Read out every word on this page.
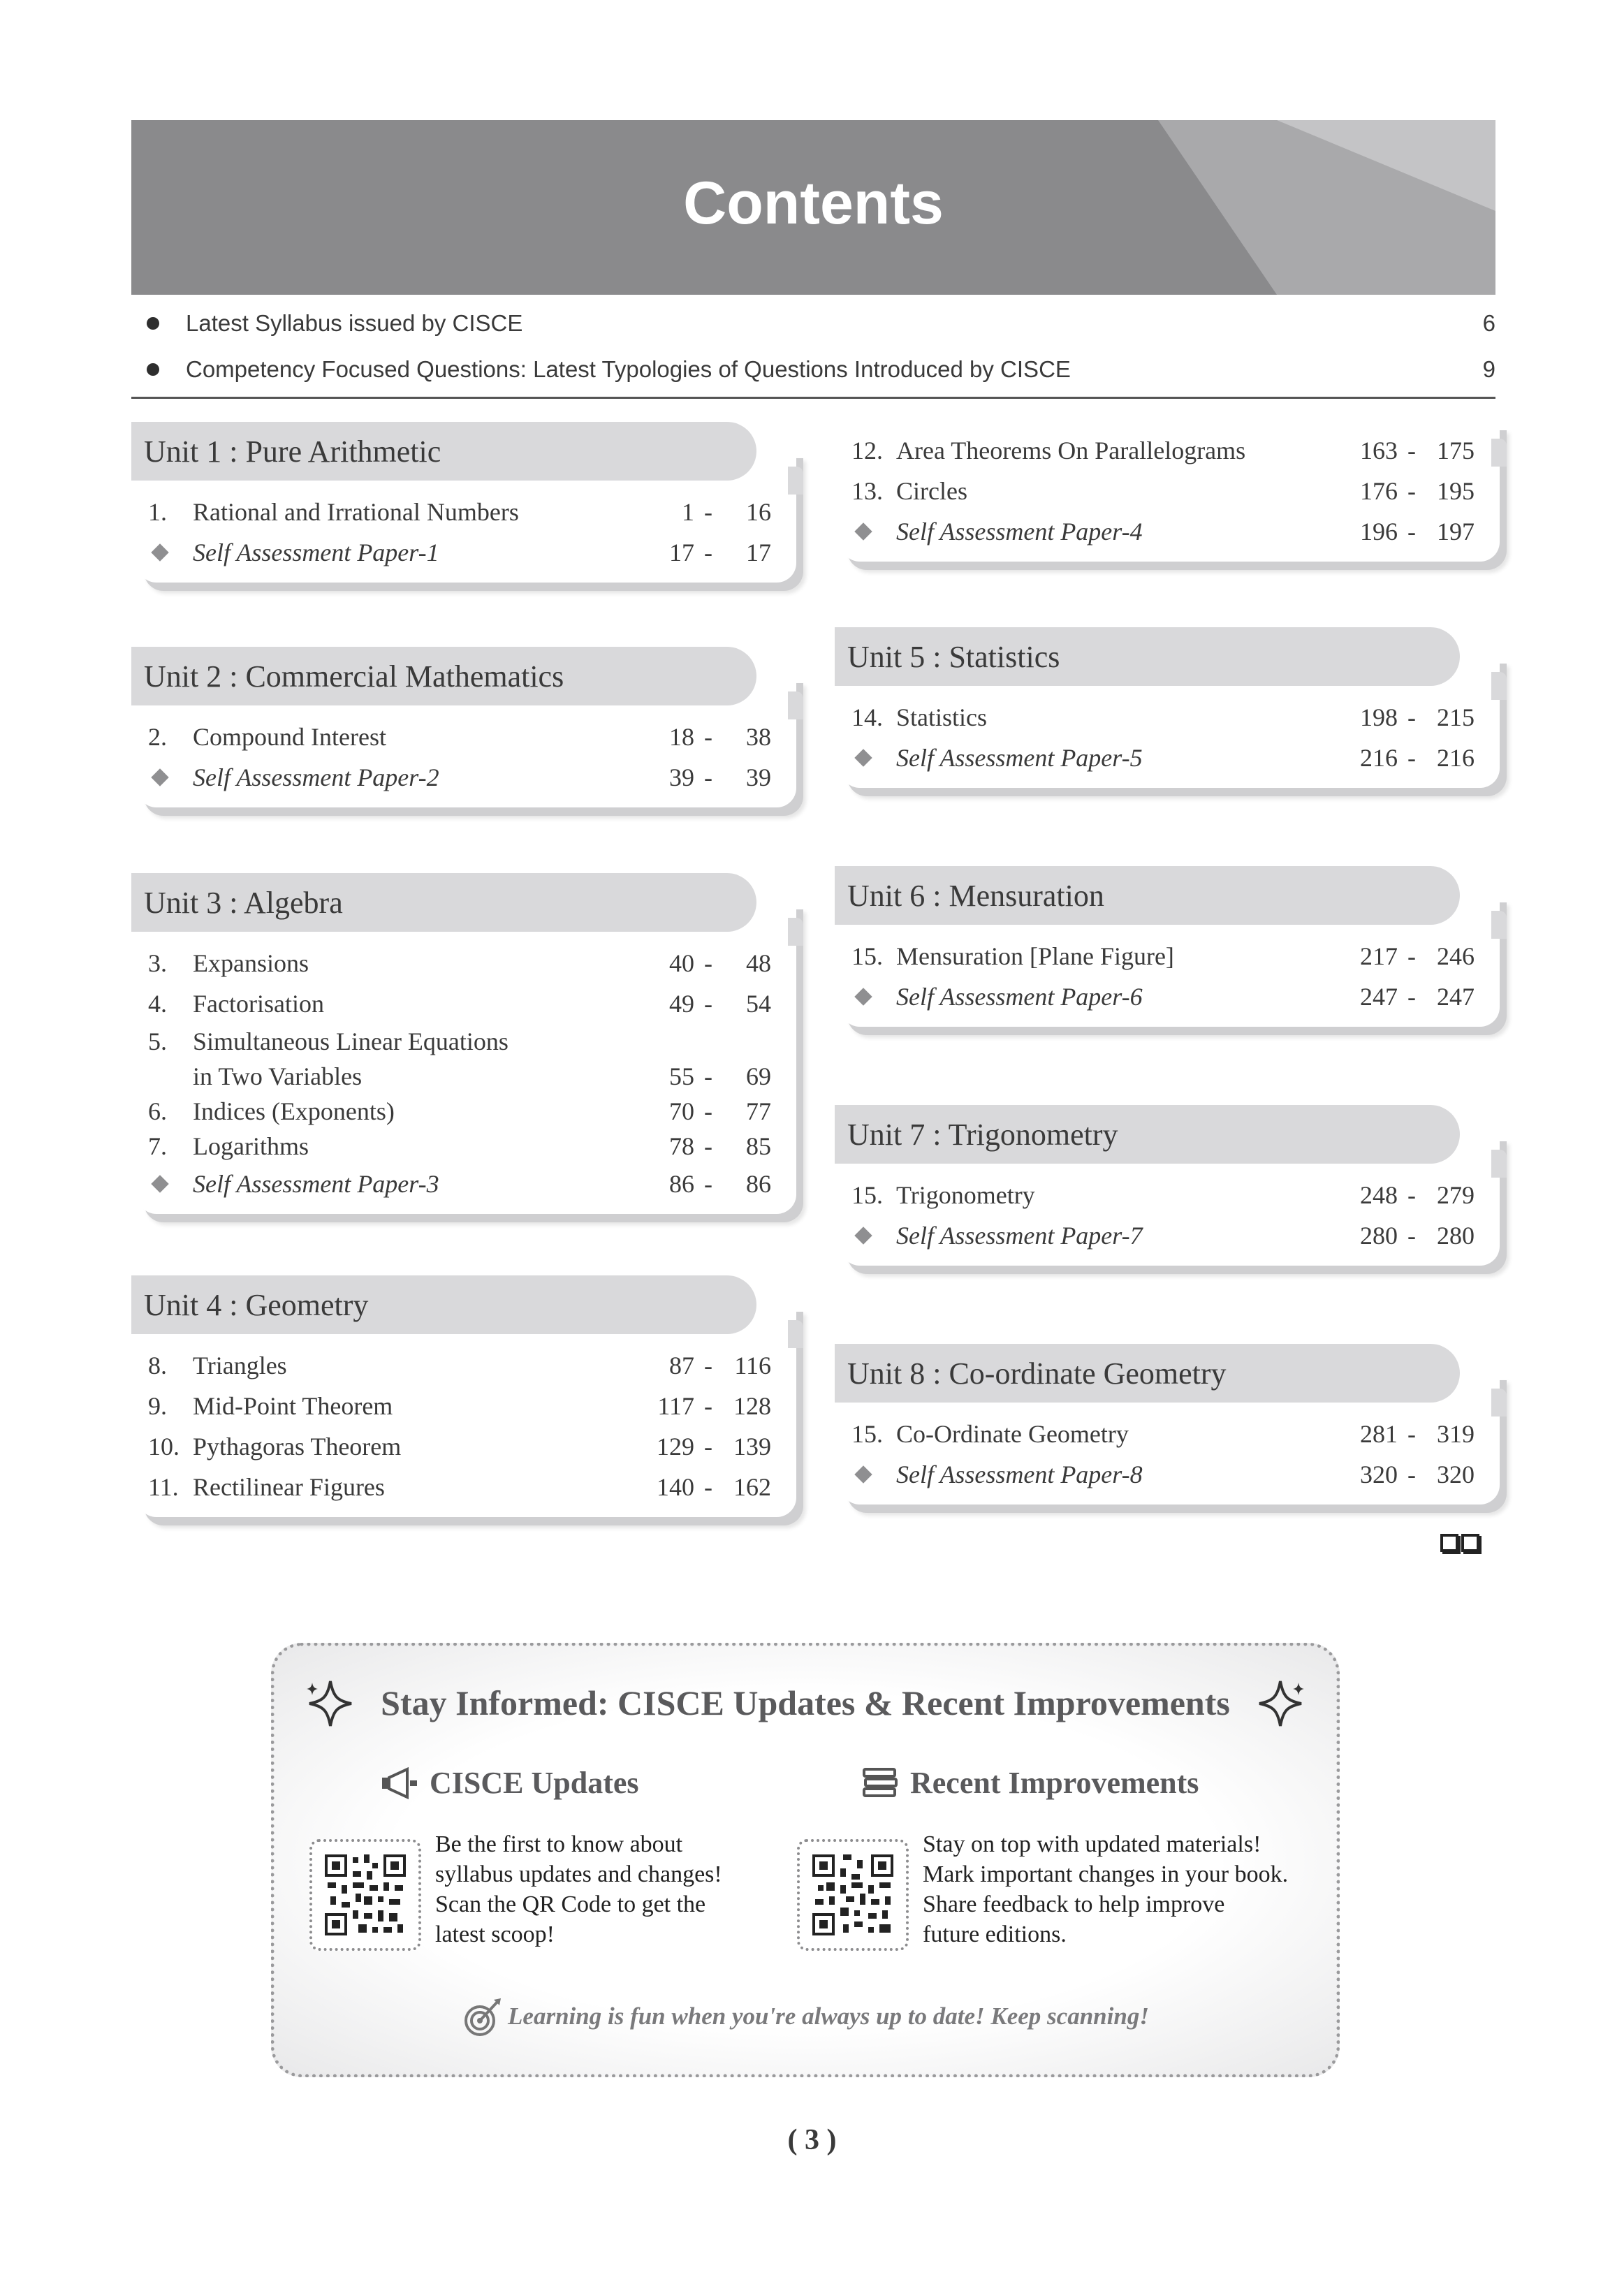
Contents
Latest Syllabus issued by CISCE	6
Competency Focused Questions: Latest Typologies of Questions Introduced by CISCE	9
Unit 1 : Pure Arithmetic
1.	Rational and Irrational Numbers	1 -	16
Self Assessment Paper-1	17 -	17
Unit 2 : Commercial Mathematics
2.	Compound Interest	18 -	38
Self Assessment Paper-2	39 -	39
Unit 3 : Algebra
3.	Expansions	40 -	48
4.	Factorisation	49 -	54
5.	Simultaneous Linear Equations
in Two Variables	55 -	69
6.	Indices (Exponents)	70 -	77
7.	Logarithms	78 -	85
Self Assessment Paper-3	86 -	86
Unit 4 : Geometry
8.	Triangles	87 - 116
9.	Mid-Point Theorem	117 - 128
10. Pythagoras Theorem	129 - 139
11. Rectilinear Figures	140 - 162
12. Area Theorems On Parallelograms	163 - 175
13. Circles	176 - 195
Self Assessment Paper-4	196 - 197
Unit 5 : Statistics
14. Statistics	198 - 215
Self Assessment Paper-5	216 - 216
Unit 6 : Mensuration
15. Mensuration [Plane Figure]	217 - 246
Self Assessment Paper-6	247 - 247
Unit 7 : Trigonometry
15. Trigonometry	248 - 279
Self Assessment Paper-7	280 - 280
Unit 8 : Co-ordinate Geometry
15. Co-Ordinate Geometry	281 - 319
Self Assessment Paper-8	320 - 320
Stay Informed: CISCE Updates & Recent Improvements
CISCE Updates
Be the first to know about
syllabus updates and changes!
Scan the QR Code to get the
latest scoop!
Recent Improvements
Stay on top with updated materials!
Mark important changes in your book.
Share feedback to help improve
future editions.
Learning is fun when you're always up to date! Keep scanning!
( 3 )
